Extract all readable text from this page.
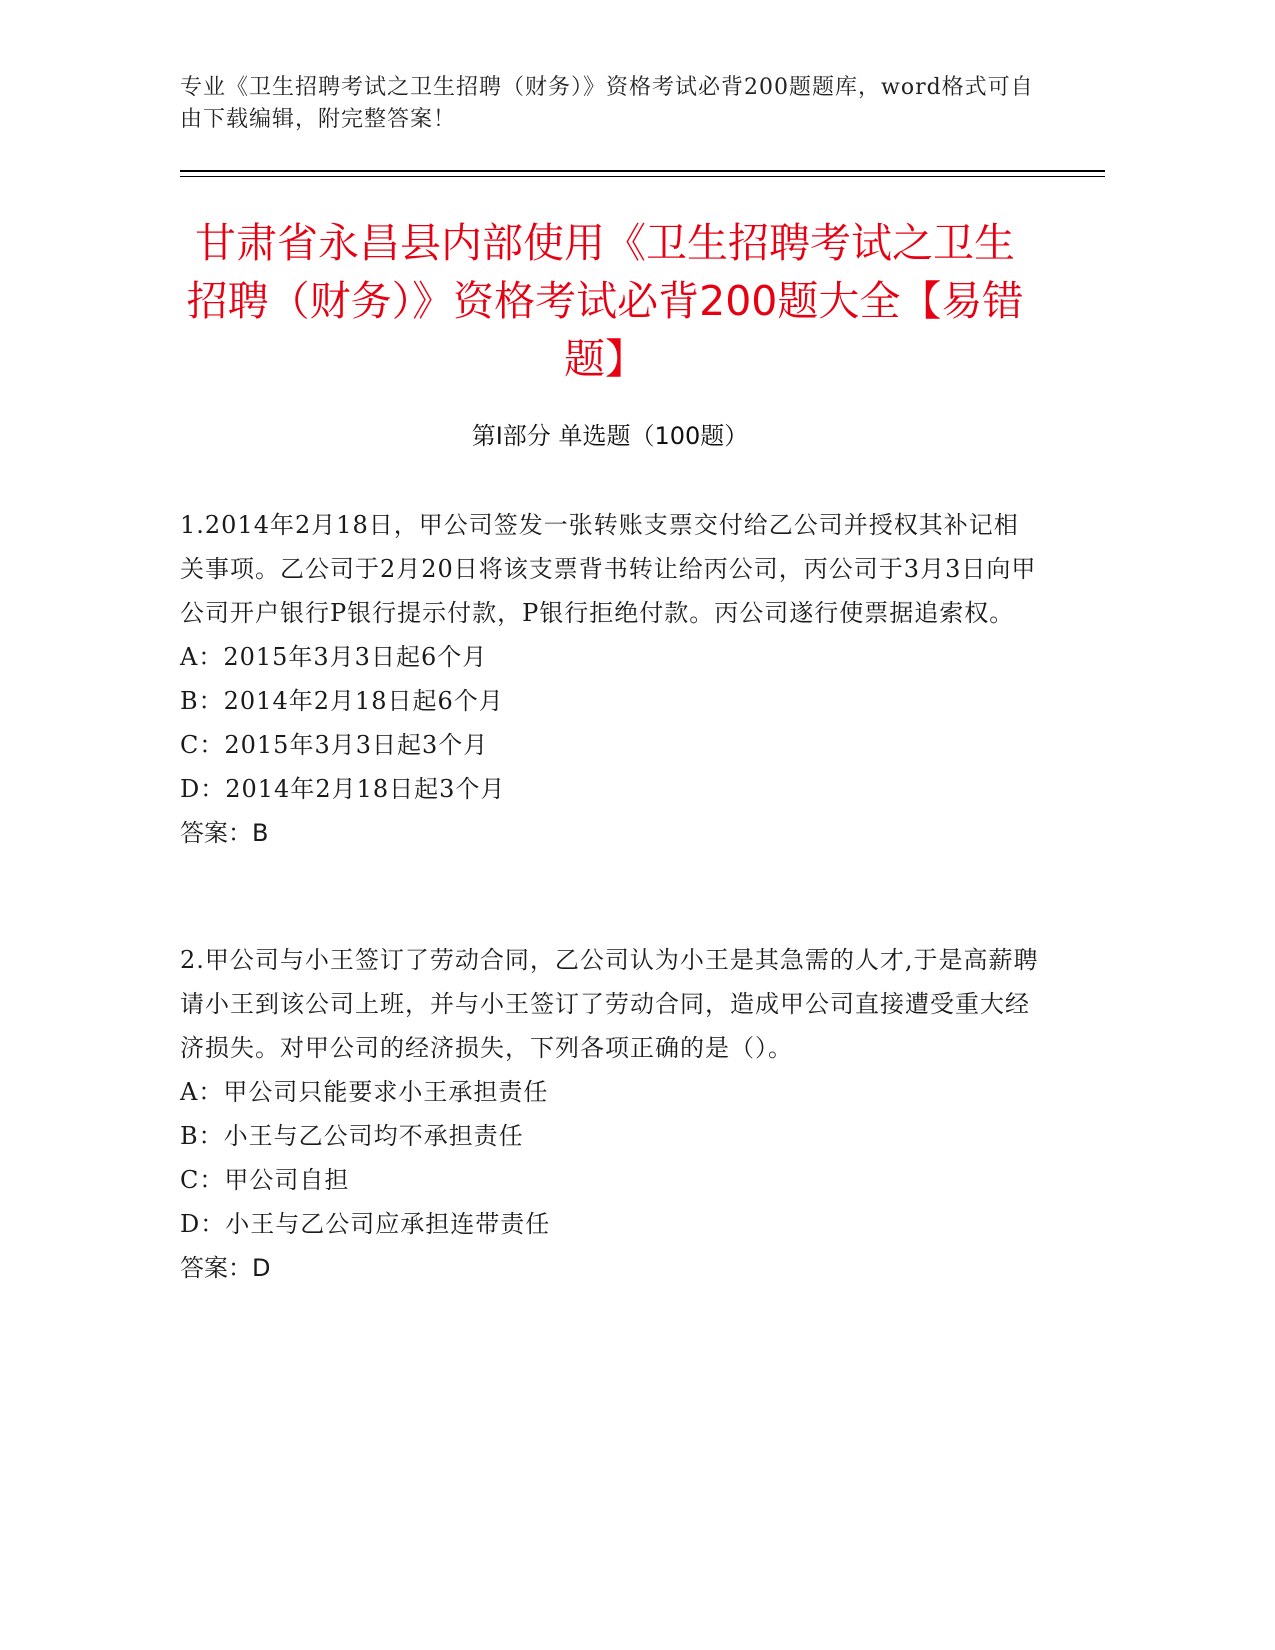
专业《卫生招聘考试之卫生招聘（财务）》资格考试必背200题题库，word格式可自由下载编辑，附完整答案！
甘肃省永昌县内部使用《卫生招聘考试之卫生招聘（财务）》资格考试必背200题大全【易错题】
第I部分 单选题（100题）

1.2014年2月18日，甲公司签发一张转账支票交付给乙公司并授权其补记相关事项。乙公司于2月20日将该支票背书转让给丙公司，丙公司于3月3日向甲公司开户银行P银行提示付款，P银行拒绝付款。丙公司遂行使票据追索权。

A：2015年3月3日起6个月

B：2014年2月18日起6个月

C：2015年3月3日起3个月

D：2014年2月18日起3个月

答案：B

2.甲公司与小王签订了劳动合同，乙公司认为小王是其急需的人才,于是高薪聘请小王到该公司上班，并与小王签订了劳动合同，造成甲公司直接遭受重大经济损失。对甲公司的经济损失，下列各项正确的是（）。

A：甲公司只能要求小王承担责任

B：小王与乙公司均不承担责任

C：甲公司自担

D：小王与乙公司应承担连带责任

答案：D
